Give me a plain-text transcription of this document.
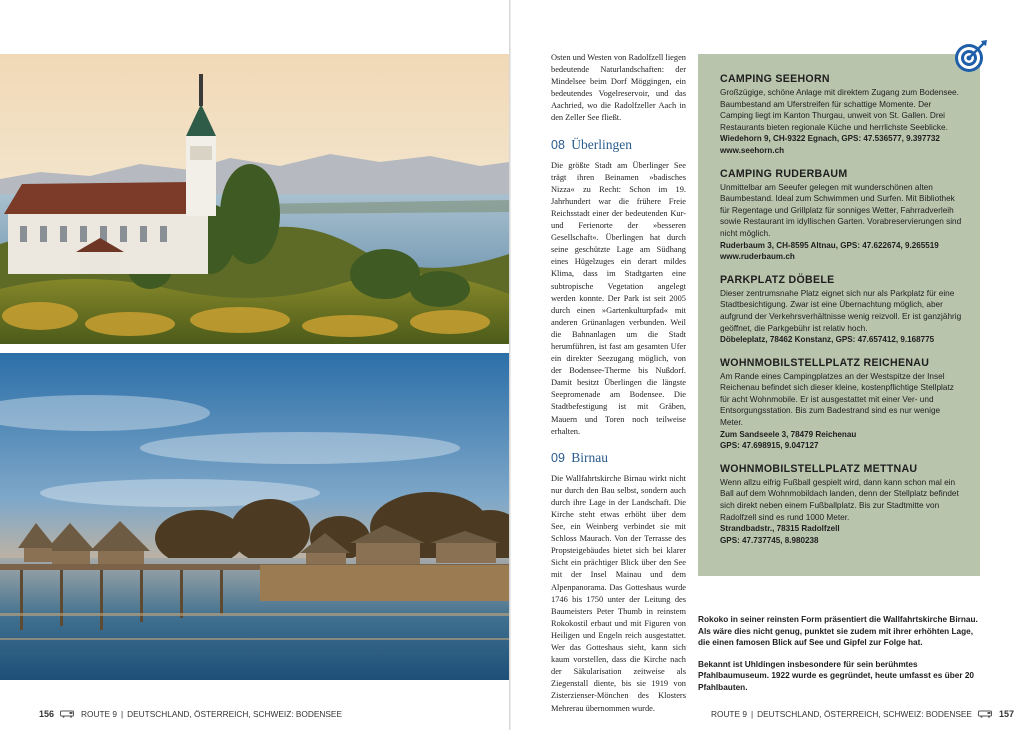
Osten und Westen von Radolfzell liegen bedeutende Naturlandschaften: der Mindelsee beim Dorf Möggingen, ein bedeutendes Vogelreservoir, und das Aachried, wo die Radolfzeller Aach in den Zeller See fließt.

08 Überlingen

Die größte Stadt am Überlinger See trägt ihren Beinamen »badisches Nizza« zu Recht: Schon im 19. Jahrhundert war die frühere Freie Reichsstadt einer der bedeutenden Kur- und Ferienorte der »besseren Gesellschaft«. Überlingen hat durch seine geschützte Lage am Südhang eines Hügelzuges ein derart mildes Klima, dass im Stadtgarten eine subtropische Vegetation angelegt werden konnte. Der Park ist seit 2005 durch einen »Gartenkulturpfad« mit anderen Grünanlagen verbunden. Weil die Bahnanlagen um die Stadt herumführen, ist fast am gesamten Ufer ein direkter Seezugang möglich, von der Bodensee-Therme bis Nußdorf. Damit besitzt Überlingen die längste Seepromenade am Bodensee. Die Stadtbefestigung ist mit Gräben, Mauern und Toren noch teilweise erhalten.

09 Birnau

Die Wallfahrtskirche Birnau wirkt nicht nur durch den Bau selbst, sondern auch durch ihre Lage in der Landschaft. Die Kirche steht etwas erhöht über dem See, ein Weinberg verbindet sie mit Schloss Maurach. Von der Terrasse des Propsteigebäudes bietet sich bei klarer Sicht ein prächtiger Blick über den See mit der Insel Mainau und dem Alpenpanorama. Das Gotteshaus wurde 1746 bis 1750 unter der Leitung des Baumeisters Peter Thumb in reinstem Rokokostil erbaut und mit Figuren von Heiligen und Engeln reich ausgestattet. Wer das Gotteshaus sieht, kann sich kaum vorstellen, dass die Kirche nach der Säkularisation zeitweise als Ziegenstall diente, bis sie 1919 von Zisterzienser-Mönchen des Klosters Mehrerau übernommen wurde.

CAMPING SEEHORN
Großzügige, schöne Anlage mit direktem Zugang zum Bodensee. Baumbestand am Uferstreifen für schattige Momente. Der Camping liegt im Kanton Thurgau, unweit von St. Gallen. Drei Restaurants bieten regionale Küche und herrlichste Seeblicke.
Wiedehorn 9, CH-9322 Egnach, GPS: 47.536577, 9.397732
www.seehorn.ch
CAMPING RUDERBAUM
Unmittelbar am Seeufer gelegen mit wunderschönen alten Baumbestand. Ideal zum Schwimmen und Surfen. Mit Bibliothek für Regentage und Grillplatz für sonniges Wetter, Fahrradverleih sowie Restaurant im idyllischen Garten. Vorabreservierungen sind nicht möglich.
Ruderbaum 3, CH-8595 Altnau, GPS: 47.622674, 9.265519
www.ruderbaum.ch
PARKPLATZ DÖBELE
Dieser zentrumsnahe Platz eignet sich nur als Parkplatz für eine Stadtbesichtigung. Zwar ist eine Übernachtung möglich, aber aufgrund der Verkehrsverhältnisse wenig reizvoll. Er ist ganzjährig geöffnet, die Parkgebühr ist relativ hoch.
Döbeleplatz, 78462 Konstanz, GPS: 47.657412, 9.168775
WOHNMOBILSTELLPLATZ REICHENAU
Am Rande eines Campingplatzes an der Westspitze der Insel Reichenau befindet sich dieser kleine, kostenpflichtige Stellplatz für acht Wohnmobile. Er ist ausgestattet mit einer Ver- und Entsorgungsstation. Bis zum Badestrand sind es nur wenige Meter.
Zum Sandseele 3, 78479 Reichenau
GPS: 47.698915, 9.047127
WOHNMOBILSTELLPLATZ METTNAU
Wenn allzu eifrig Fußball gespielt wird, dann kann schon mal ein Ball auf dem Wohnmobildach landen, denn der Stellplatz befindet sich direkt neben einem Fußballplatz. Bis zur Stadtmitte von Radolfzell sind es rund 1000 Meter.
Strandbadstr., 78315 Radolfzell
GPS: 47.737745, 8.980238

Rokoko in seiner reinsten Form präsentiert die Wallfahrtskirche Birnau. Als wäre dies nicht genug, punktet sie zudem mit ihrer erhöhten Lage, die einen famosen Blick auf See und Gipfel zur Folge hat.

Bekannt ist Uhldingen insbesondere für sein berühmtes Pfahlbaumuseum. 1922 wurde es gegründet, heute umfasst es über 20 Pfahlbauten.

156	ROUTE 9 | DEUTSCHLAND, ÖSTERREICH, SCHWEIZ: BODENSEE	ROUTE 9 | DEUTSCHLAND, ÖSTERREICH, SCHWEIZ: BODENSEE	157
